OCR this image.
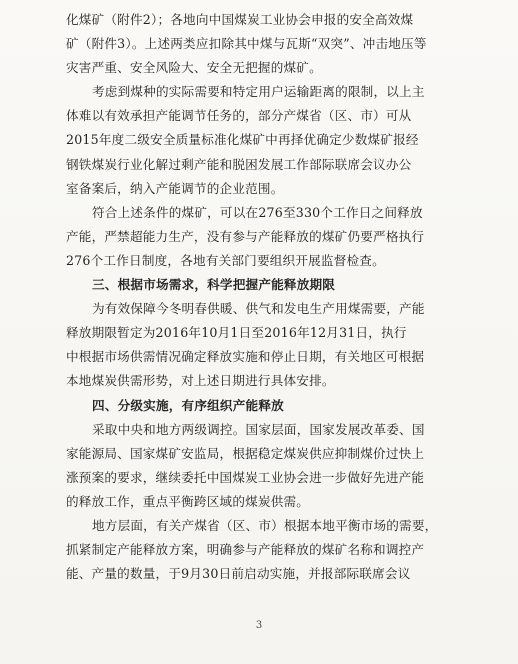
化煤矿（附件2）；各地向中国煤炭工业协会申报的安全高效煤
矿（附件3）。上述两类应扣除其中煤与瓦斯“双突”、冲击地压等
灾害严重、安全风险大、安全无把握的煤矿。
考虑到煤种的实际需要和特定用户运输距离的限制，以上主
体难以有效承担产能调节任务的，部分产煤省（区、市）可从
2015年度二级安全质量标准化煤矿中再择优确定少数煤矿报经
钢铁煤炭行业化解过剩产能和脱困发展工作部际联席会议办公
室备案后，纳入产能调节的企业范围。
符合上述条件的煤矿，可以在276至330个工作日之间释放
产能，严禁超能力生产，没有参与产能释放的煤矿仍要严格执行
276个工作日制度，各地有关部门要组织开展监督检查。
三、根据市场需求，科学把握产能释放期限
为有效保障今冬明春供暖、供气和发电生产用煤需要，产能
释放期限暂定为2016年10月1日至2016年12月31日，执行
中根据市场供需情况确定释放实施和停止日期，有关地区可根据
本地煤炭供需形势，对上述日期进行具体安排。
四、分级实施，有序组织产能释放
采取中央和地方两级调控。国家层面，国家发展改革委、国
家能源局、国家煤矿安监局，根据稳定煤炭供应抑制煤价过快上
涨预案的要求，继续委托中国煤炭工业协会进一步做好先进产能
的释放工作，重点平衡跨区域的煤炭供需。
地方层面，有关产煤省（区、市）根据本地平衡市场的需要，
抓紧制定产能释放方案，明确参与产能释放的煤矿名称和调控产
能、产量的数量，于9月30日前启动实施，并报部际联席会议
3
